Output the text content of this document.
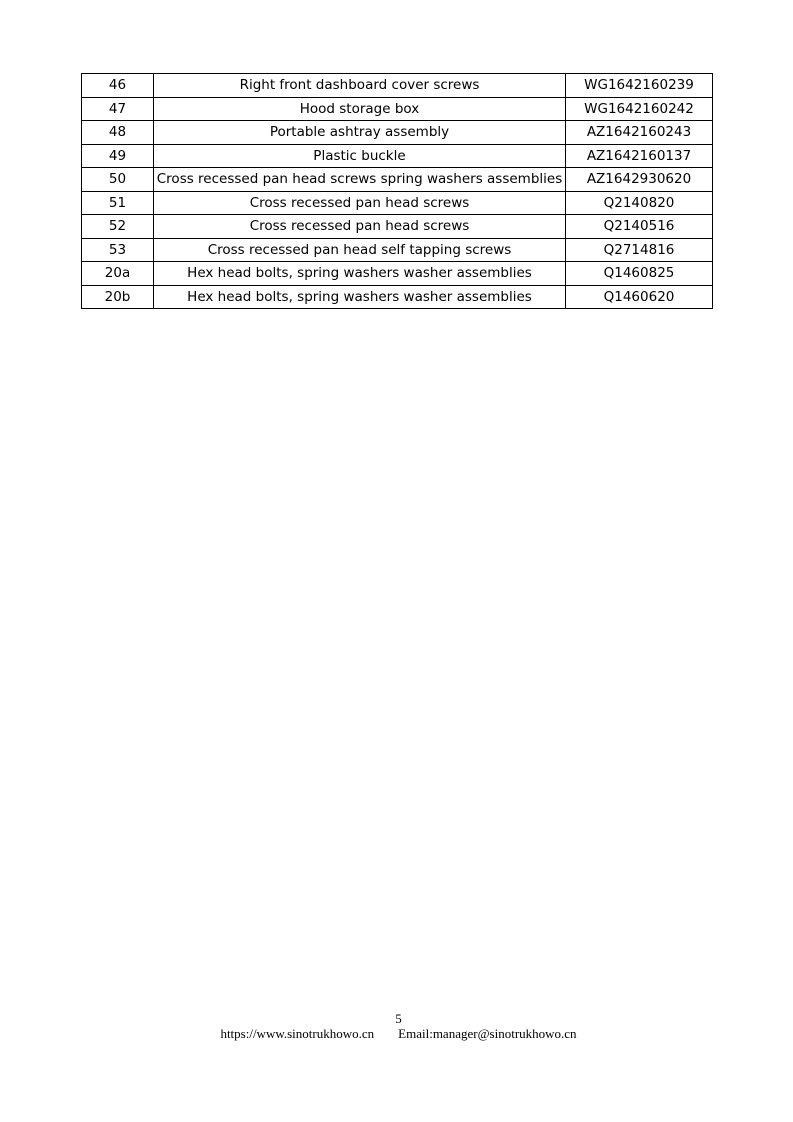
46	Right front dashboard cover screws	WG1642160239
47	Hood storage box	WG1642160242
48	Portable ashtray assembly	AZ1642160243
49	Plastic buckle	AZ1642160137
50	Cross recessed pan head screws spring washers assemblies	AZ1642930620
51	Cross recessed pan head screws	Q2140820
52	Cross recessed pan head screws	Q2140516
53	Cross recessed pan head self tapping screws	Q2714816
20a	Hex head bolts, spring washers washer assemblies	Q1460825
20b	Hex head bolts, spring washers washer assemblies	Q1460620
5
https://www.sinotrukhowo.cn Email:manager@sinotrukhowo.cn
